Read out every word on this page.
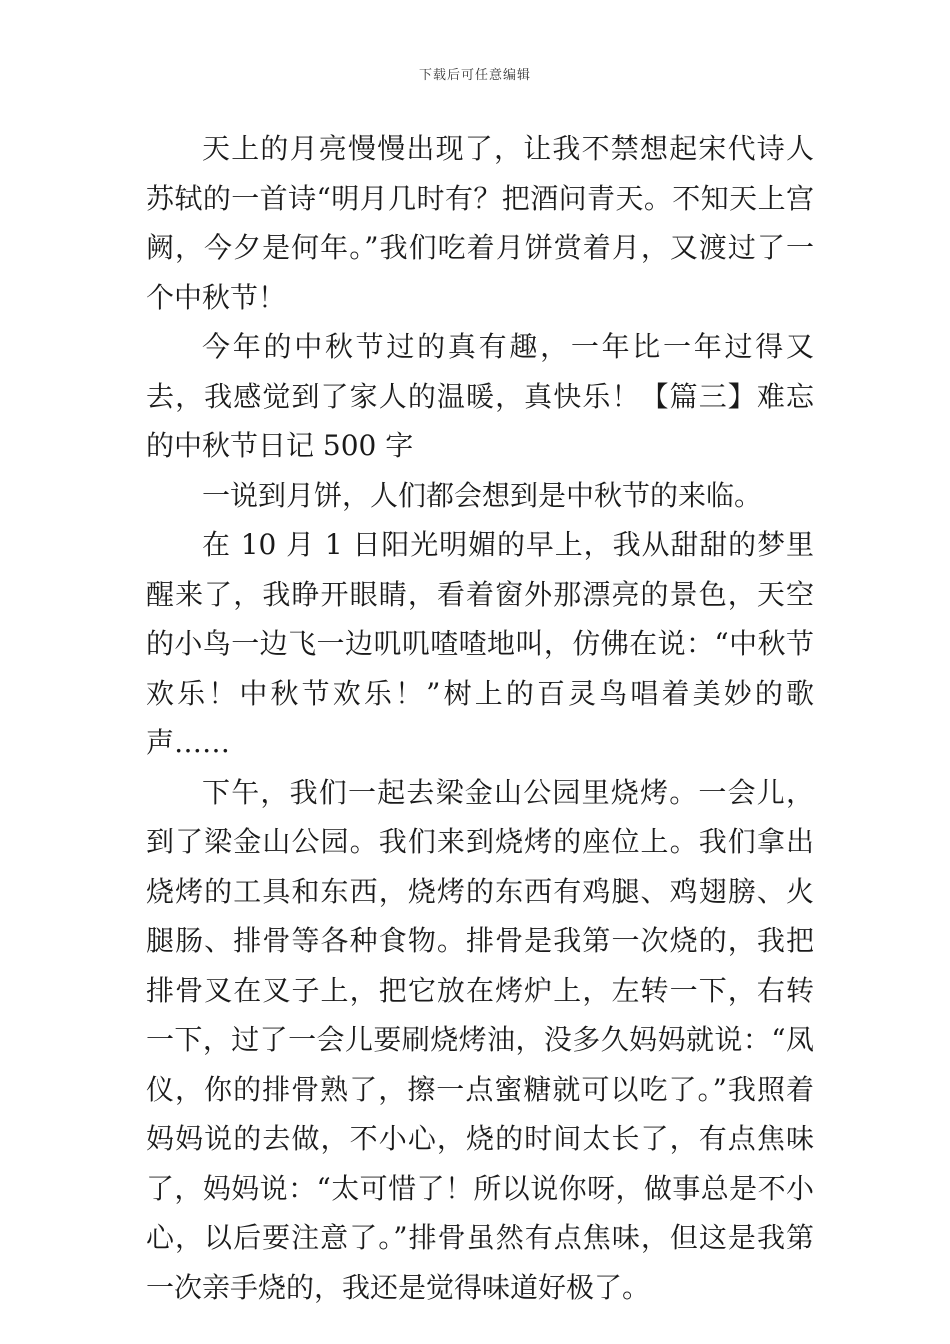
下载后可任意编辑

天上的月亮慢慢出现了，让我不禁想起宋代诗人苏轼的一首诗“明月几时有？把酒问青天。不知天上宫阙，今夕是何年。”我们吃着月饼赏着月，又渡过了一个中秋节！

今年的中秋节过的真有趣，一年比一年过得又去，我感觉到了家人的温暖，真快乐！【篇三】难忘的中秋节日记 500 字

一说到月饼，人们都会想到是中秋节的来临。

在 10 月 1 日阳光明媚的早上，我从甜甜的梦里醒来了，我睁开眼睛，看着窗外那漂亮的景色，天空的小鸟一边飞一边叽叽喳喳地叫，仿佛在说：“中秋节欢乐！中秋节欢乐！”树上的百灵鸟唱着美妙的歌声……

下午，我们一起去梁金山公园里烧烤。一会儿，到了梁金山公园。我们来到烧烤的座位上。我们拿出烧烤的工具和东西，烧烤的东西有鸡腿、鸡翅膀、火腿肠、排骨等各种食物。排骨是我第一次烧的，我把排骨叉在叉子上，把它放在烤炉上，左转一下，右转一下，过了一会儿要刷烧烤油，没多久妈妈就说：“凤仪，你的排骨熟了，擦一点蜜糖就可以吃了。”我照着妈妈说的去做，不小心，烧的时间太长了，有点焦味了，妈妈说：“太可惜了！所以说你呀，做事总是不小心，以后要注意了。”排骨虽然有点焦味，但这是我第一次亲手烧的，我还是觉得味道好极了。
